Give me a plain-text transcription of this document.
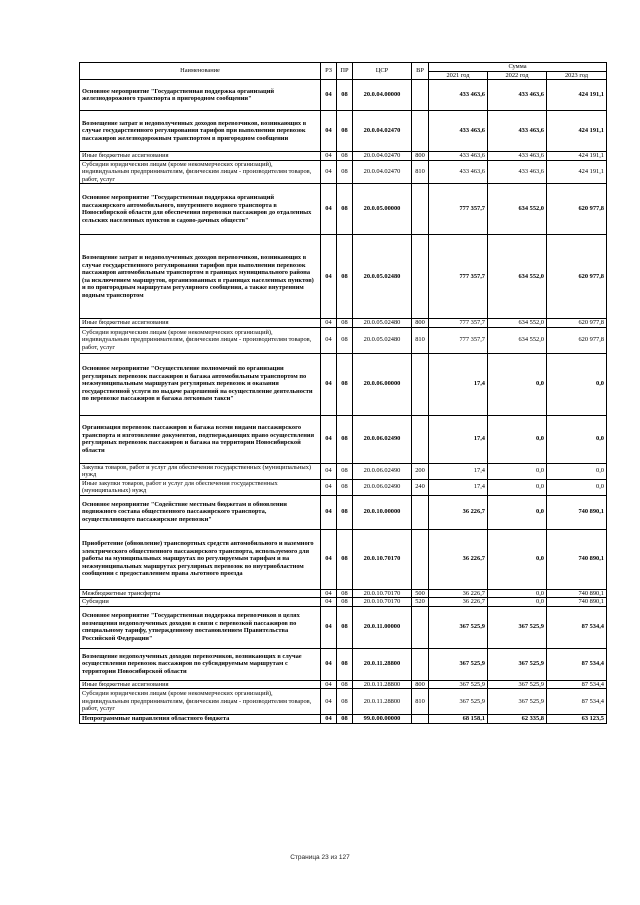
Наименование	РЗ	ПР	ЦСР	ВР	Сумма		
					2021 год	2022 год	2023 год
Основное мероприятие "Государственная поддержка организаций железнодорожного транспорта в пригородном сообщении"	04	08	20.0.04.00000		433 463,6	433 463,6	424 191,1
Возмещение затрат и недополученных доходов перевозчиков, возникающих в случае государственного регулирования тарифов при выполнении перевозок пассажиров железнодорожным транспортом в пригородном сообщении	04	08	20.0.04.02470		433 463,6	433 463,6	424 191,1
Иные бюджетные ассигнования	04	08	20.0.04.02470	800	433 463,6	433 463,6	424 191,1
Субсидии юридическим лицам (кроме некоммерческих организаций), индивидуальным предпринимателям, физическим лицам - производителям товаров, работ, услуг	04	08	20.0.04.02470	810	433 463,6	433 463,6	424 191,1
Основное мероприятие "Государственная поддержка организаций пассажирского автомобильного, внутреннего водного транспорта в Новосибирской области для обеспечения перевозки пассажиров до отдаленных сельских населенных пунктов и садово-дачных обществ"	04	08	20.0.05.00000		777 357,7	634 552,0	620 977,8
Возмещение затрат и недополученных доходов перевозчиков, возникающих в случае государственного регулирования тарифов при выполнении перевозок пассажиров автомобильным транспортом в границах муниципального района (за исключением маршрутов, организованных в границах населенных пунктов) и по пригородным маршрутам регулярного сообщения, а также внутренним водным транспортом	04	08	20.0.05.02480		777 357,7	634 552,0	620 977,8
Иные бюджетные ассигнования	04	08	20.0.05.02480	800	777 357,7	634 552,0	620 977,8
Субсидии юридическим лицам (кроме некоммерческих организаций), индивидуальным предпринимателям, физическим лицам - производителям товаров, работ, услуг	04	08	20.0.05.02480	810	777 357,7	634 552,0	620 977,8
Основное мероприятие "Осуществление полномочий по организации регулярных перевозок пассажиров и багажа автомобильным транспортом по межмуниципальным маршрутам регулярных перевозок и оказания государственной услуги по выдаче разрешений на осуществление деятельности по перевозке пассажиров и багажа легковым такси"	04	08	20.0.06.00000		17,4	0,0	0,0
Организация перевозок пассажиров и багажа всеми видами пассажирского транспорта и изготовление документов, подтверждающих право осуществления регулярных перевозок пассажиров и багажа на территории Новосибирской области	04	08	20.0.06.02490		17,4	0,0	0,0
Закупка товаров, работ и услуг для обеспечения государственных (муниципальных) нужд	04	08	20.0.06.02490	200	17,4	0,0	0,0
Иные закупки товаров, работ и услуг для обеспечения государственных (муниципальных) нужд	04	08	20.0.06.02490	240	17,4	0,0	0,0
Основное мероприятие "Содействие местным бюджетам в обновлении подвижного состава общественного пассажирского транспорта, осуществляющего пассажирские перевозки"	04	08	20.0.10.00000		36 226,7	0,0	740 890,1
Приобретение (обновление) транспортных средств автомобильного и наземного электрического общественного пассажирского транспорта, используемого для работы на муниципальных маршрутах по регулируемым тарифам и на межмуниципальных маршрутах регулярных перевозок во внутриобластном сообщении с предоставлением права льготного проезда	04	08	20.0.10.70170		36 226,7	0,0	740 890,1
Межбюджетные трансферты	04	08	20.0.10.70170	500	36 226,7	0,0	740 890,1
Субсидии	04	08	20.0.10.70170	520	36 226,7	0,0	740 890,1
Основное мероприятие "Государственная поддержка перевозчиков в целях возмещения недополученных доходов в связи с перевозкой пассажиров по специальному тарифу, утвержденному постановлением Правительства Российской Федерации"	04	08	20.0.11.00000		367 525,9	367 525,9	87 534,4
Возмещение недополученных доходов перевозчиков, возникающих в случае осуществления перевозок пассажиров по субсидируемым маршрутам с территории Новосибирской области	04	08	20.0.11.28800		367 525,9	367 525,9	87 534,4
Иные бюджетные ассигнования	04	08	20.0.11.28800	800	367 525,9	367 525,9	87 534,4
Субсидии юридическим лицам (кроме некоммерческих организаций), индивидуальным предпринимателям, физическим лицам - производителям товаров, работ, услуг	04	08	20.0.11.28800	810	367 525,9	367 525,9	87 534,4
Непрограммные направления областного бюджета	04	08	99.0.00.00000		68 158,1	62 335,8	63 123,5
Страница 23 из 127
